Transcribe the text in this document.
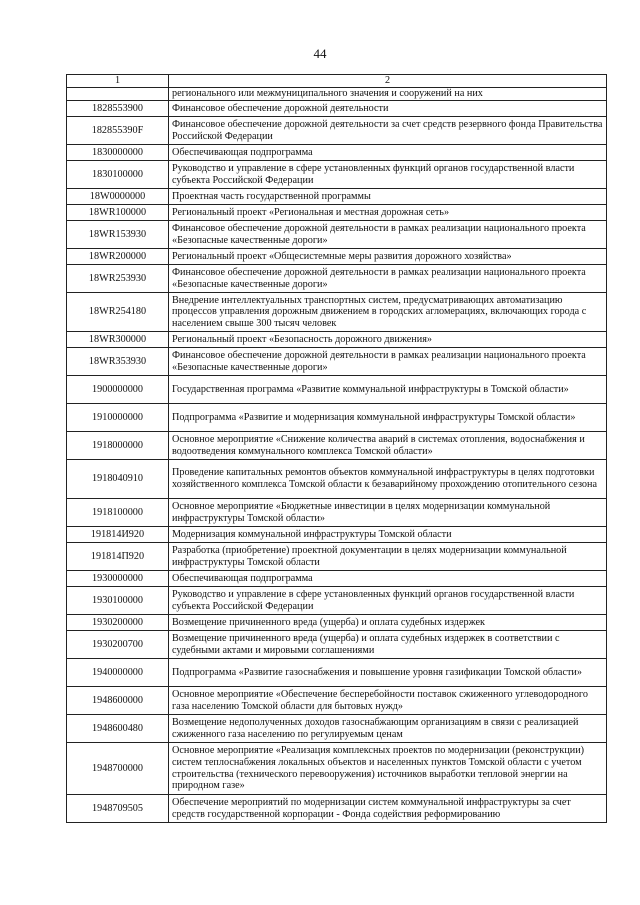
44
1	2
	регионального или межмуниципального значения и сооружений на них
1828553900	Финансовое обеспечение дорожной деятельности
182855390F	Финансовое обеспечение дорожной деятельности за счет средств резервного фонда Правительства Российской Федерации
1830000000	Обеспечивающая подпрограмма
1830100000	Руководство и управление в сфере установленных функций органов государственной власти субъекта Российской Федерации
18W0000000	Проектная часть государственной программы
18WR100000	Региональный проект «Региональная и местная дорожная сеть»
18WR153930	Финансовое обеспечение дорожной деятельности в рамках реализации национального проекта «Безопасные качественные дороги»
18WR200000	Региональный проект «Общесистемные меры развития дорожного хозяйства»
18WR253930	Финансовое обеспечение дорожной деятельности в рамках реализации национального проекта «Безопасные качественные дороги»
18WR254180	Внедрение интеллектуальных транспортных систем, предусматривающих автоматизацию процессов управления дорожным движением в городских агломерациях, включающих города с населением свыше 300 тысяч человек
18WR300000	Региональный проект «Безопасность дорожного движения»
18WR353930	Финансовое обеспечение дорожной деятельности в рамках реализации национального проекта «Безопасные качественные дороги»
1900000000	Государственная программа «Развитие коммунальной инфраструктуры в Томской области»
1910000000	Подпрограмма «Развитие и модернизация коммунальной инфраструктуры Томской области»
1918000000	Основное мероприятие «Снижение количества аварий в системах отопления, водоснабжения и водоотведения коммунального комплекса Томской области»
1918040910	Проведение капитальных ремонтов объектов коммунальной инфраструктуры в целях подготовки хозяйственного комплекса Томской области к безаварийному прохождению отопительного сезона
1918100000	Основное мероприятие «Бюджетные инвестиции в целях модернизации коммунальной инфраструктуры Томской области»
191814И920	Модернизация коммунальной инфраструктуры Томской области
191814П920	Разработка (приобретение) проектной документации в целях модернизации коммунальной инфраструктуры Томской области
1930000000	Обеспечивающая подпрограмма
1930100000	Руководство и управление в сфере установленных функций органов государственной власти субъекта Российской Федерации
1930200000	Возмещение причиненного вреда (ущерба) и оплата судебных издержек
1930200700	Возмещение причиненного вреда (ущерба) и оплата судебных издержек в соответствии с судебными актами и мировыми соглашениями
1940000000	Подпрограмма «Развитие газоснабжения и повышение уровня газификации Томской области»
1948600000	Основное мероприятие «Обеспечение бесперебойности поставок сжиженного углеводородного газа населению Томской области для бытовых нужд»
1948600480	Возмещение недополученных доходов газоснабжающим организациям в связи с реализацией сжиженного газа населению по регулируемым ценам
1948700000	Основное мероприятие «Реализация комплексных проектов по модернизации (реконструкции) систем теплоснабжения локальных объектов и населенных пунктов Томской области с учетом строительства (технического перевооружения) источников выработки тепловой энергии на природном газе»
1948709505	Обеспечение мероприятий по модернизации систем коммунальной инфраструктуры за счет средств государственной корпорации - Фонда содействия реформированию
